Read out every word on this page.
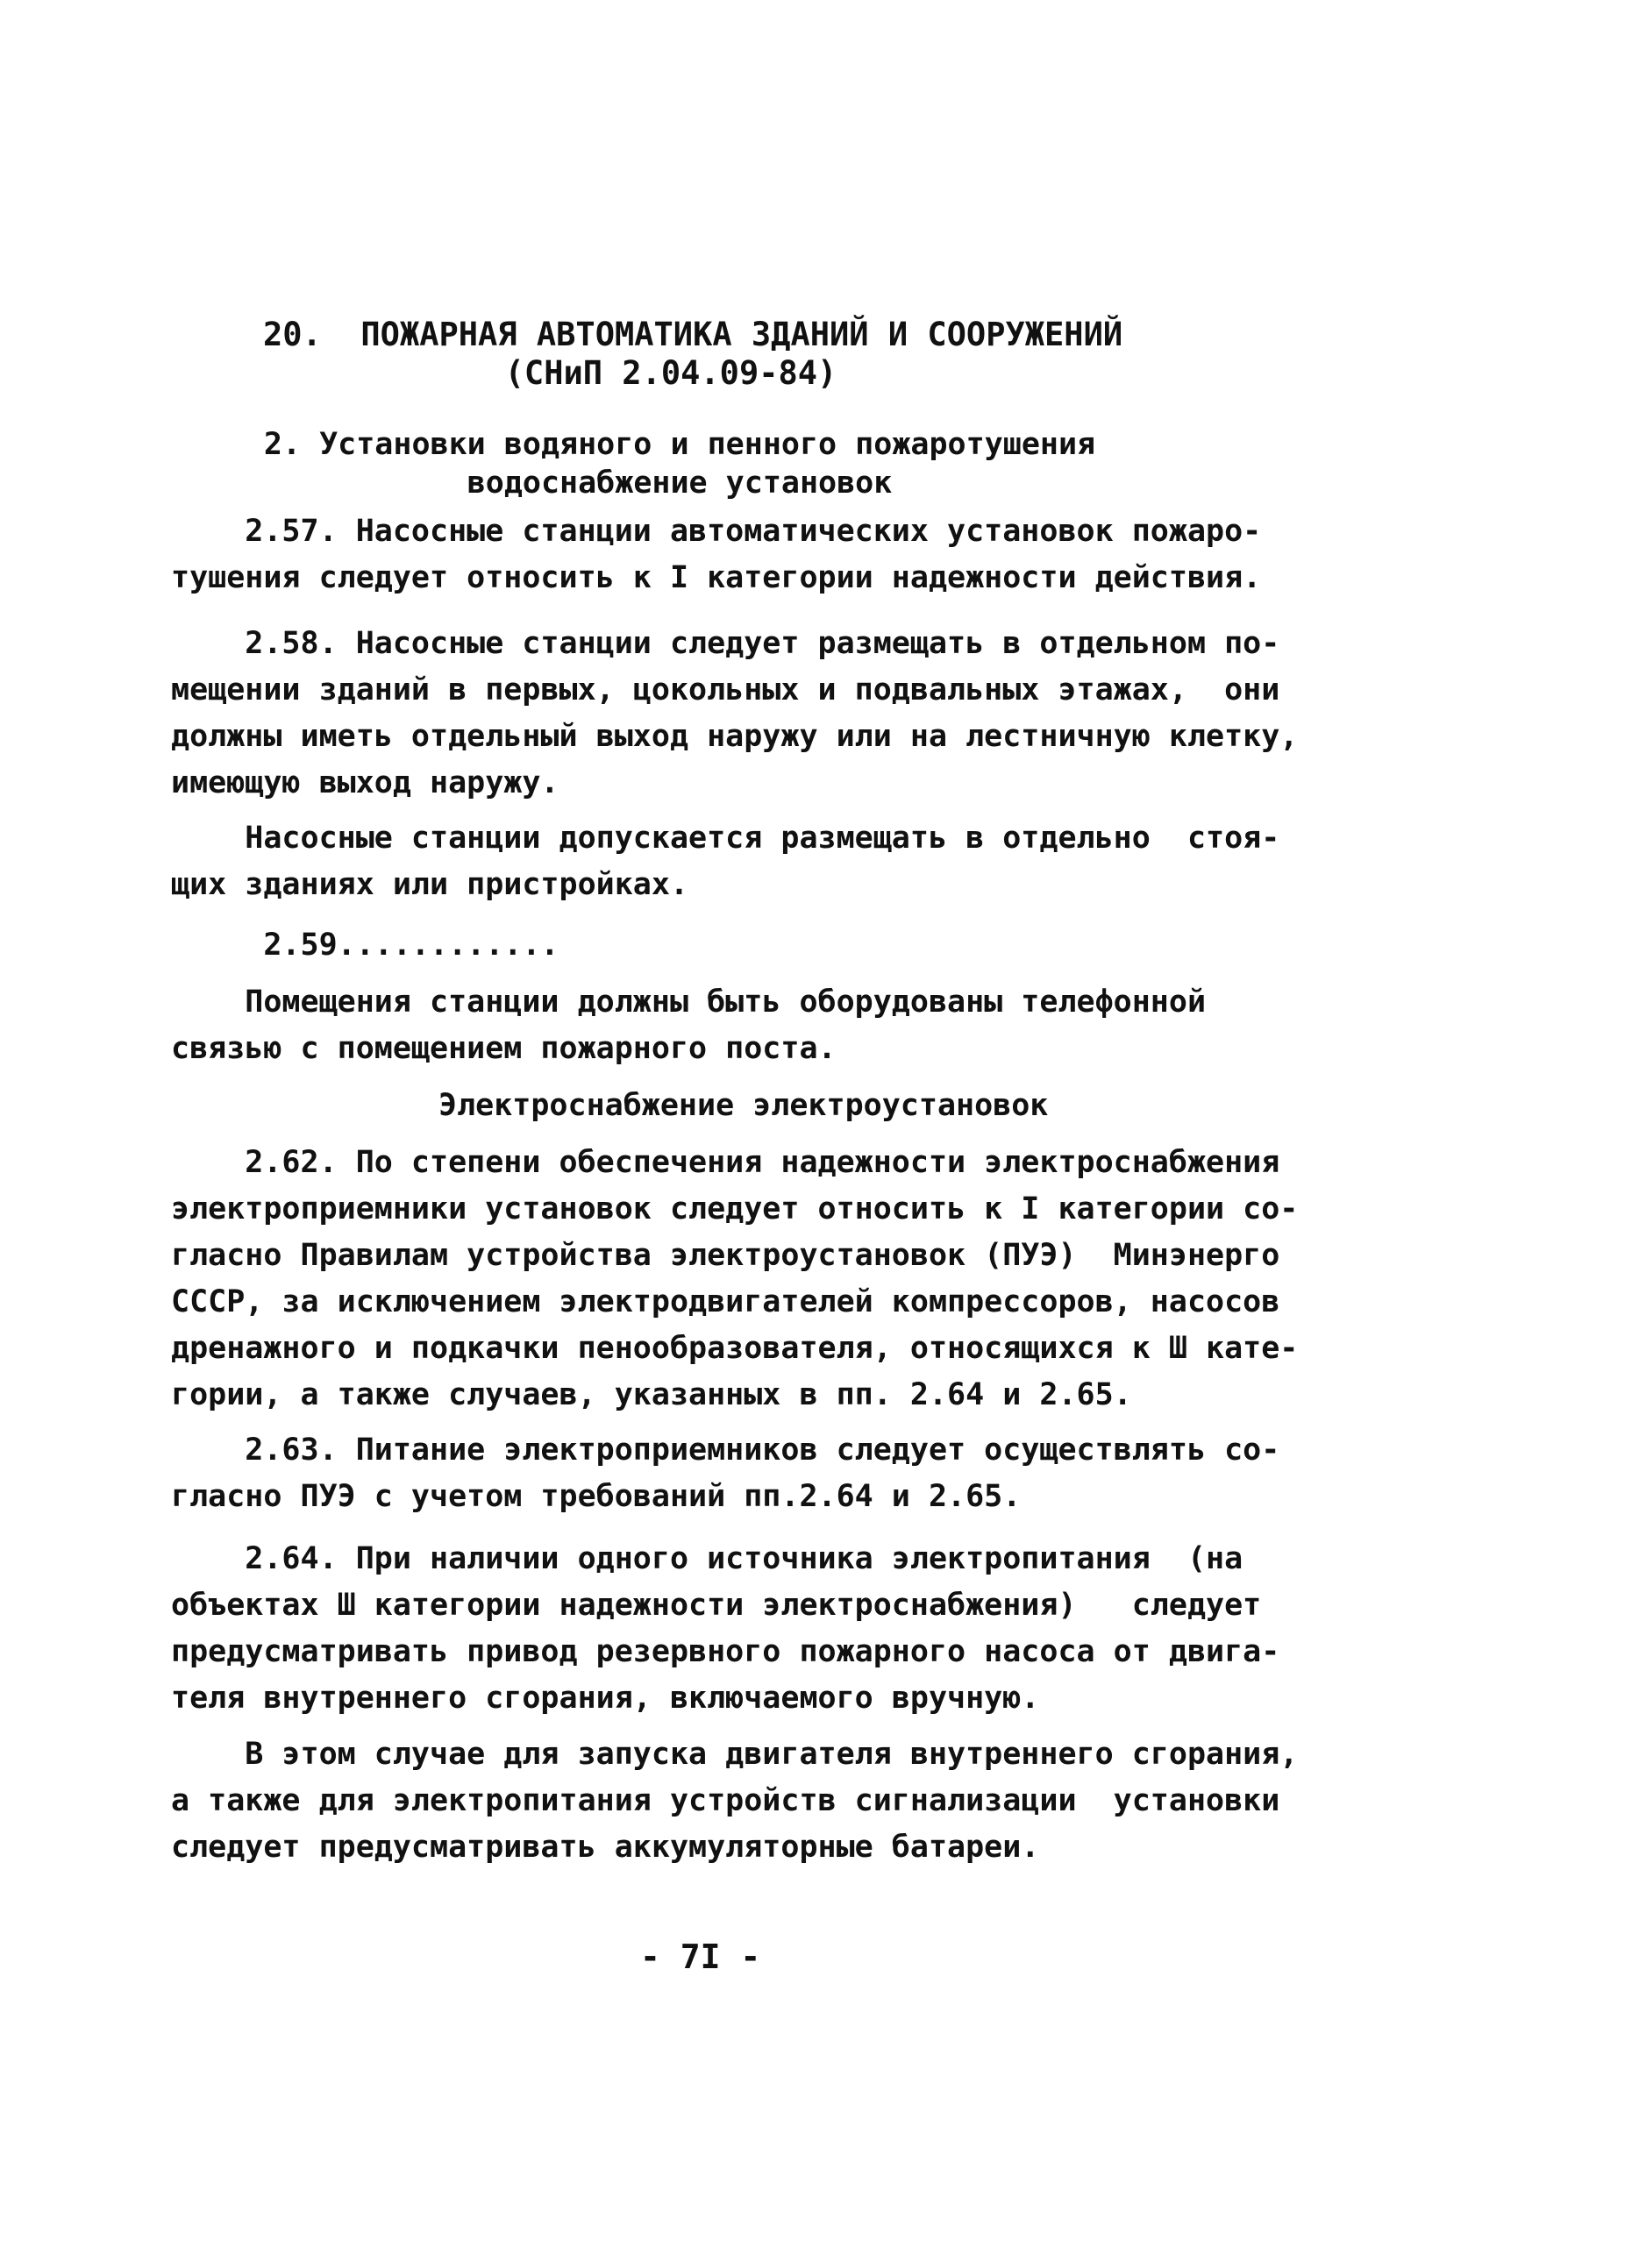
20.  ПОЖАРНАЯ АВТОМАТИКА ЗДАНИЙ И СООРУЖЕНИЙ
(СНиП 2.04.09-84)
2. Установки водяного и пенного пожаротушения
водоснабжение установок
2.57. Насосные станции автоматических установок пожаро-
тушения следует относить к I категории надежности действия.
2.58. Насосные станции следует размещать в отдельном по-
мещении зданий в первых, цокольных и подвальных этажах,  они
должны иметь отдельный выход наружу или на лестничную клетку,
имеющую выход наружу.
Насосные станции допускается размещать в отдельно  стоя-
щих зданиях или пристройках.
2.59............
Помещения станции должны быть оборудованы телефонной
связью с помещением пожарного поста.
Электроснабжение электроустановок
2.62. По степени обеспечения надежности электроснабжения
электроприемники установок следует относить к I категории со-
гласно Правилам устройства электроустановок (ПУЭ)  Минэнерго
СССР, за исключением электродвигателей компрессоров, насосов
дренажного и подкачки пенообразователя, относящихся к Ш кате-
гории, а также случаев, указанных в пп. 2.64 и 2.65.
2.63. Питание электроприемников следует осуществлять со-
гласно ПУЭ с учетом требований пп.2.64 и 2.65.
2.64. При наличии одного источника электропитания  (на
объектах Ш категории надежности электроснабжения)   следует
предусматривать привод резервного пожарного насоса от двига-
теля внутреннего сгорания, включаемого вручную.
В этом случае для запуска двигателя внутреннего сгорания,
а также для электропитания устройств сигнализации  установки
следует предусматривать аккумуляторные батареи.
- 7I -
